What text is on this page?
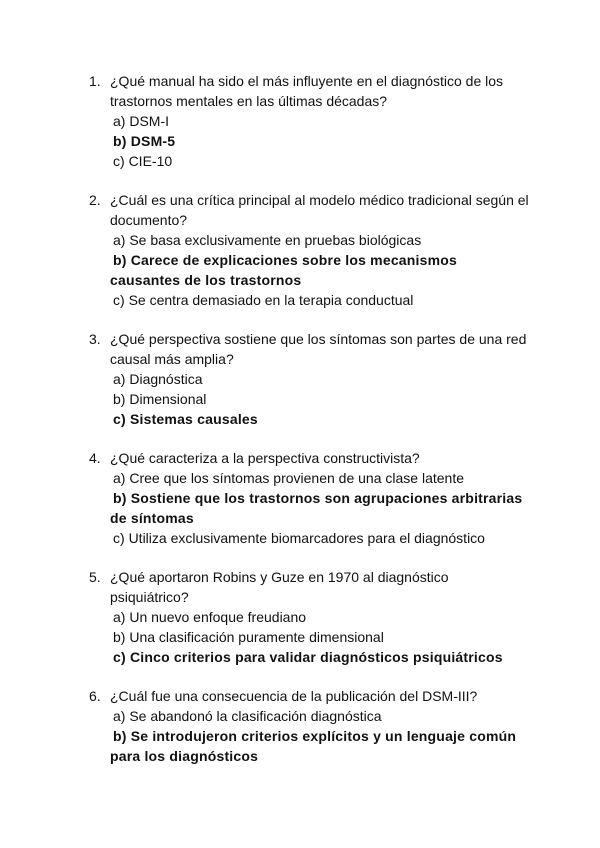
1. ¿Qué manual ha sido el más influyente en el diagnóstico de los trastornos mentales en las últimas décadas?
a) DSM-I
b) DSM-5
c) CIE-10
2. ¿Cuál es una crítica principal al modelo médico tradicional según el documento?
a) Se basa exclusivamente en pruebas biológicas
b) Carece de explicaciones sobre los mecanismos causantes de los trastornos
c) Se centra demasiado en la terapia conductual
3. ¿Qué perspectiva sostiene que los síntomas son partes de una red causal más amplia?
a) Diagnóstica
b) Dimensional
c) Sistemas causales
4. ¿Qué caracteriza a la perspectiva constructivista?
a) Cree que los síntomas provienen de una clase latente
b) Sostiene que los trastornos son agrupaciones arbitrarias de síntomas
c) Utiliza exclusivamente biomarcadores para el diagnóstico
5. ¿Qué aportaron Robins y Guze en 1970 al diagnóstico psiquiátrico?
a) Un nuevo enfoque freudiano
b) Una clasificación puramente dimensional
c) Cinco criterios para validar diagnósticos psiquiátricos
6. ¿Cuál fue una consecuencia de la publicación del DSM-III?
a) Se abandonó la clasificación diagnóstica
b) Se introdujeron criterios explícitos y un lenguaje común para los diagnósticos
